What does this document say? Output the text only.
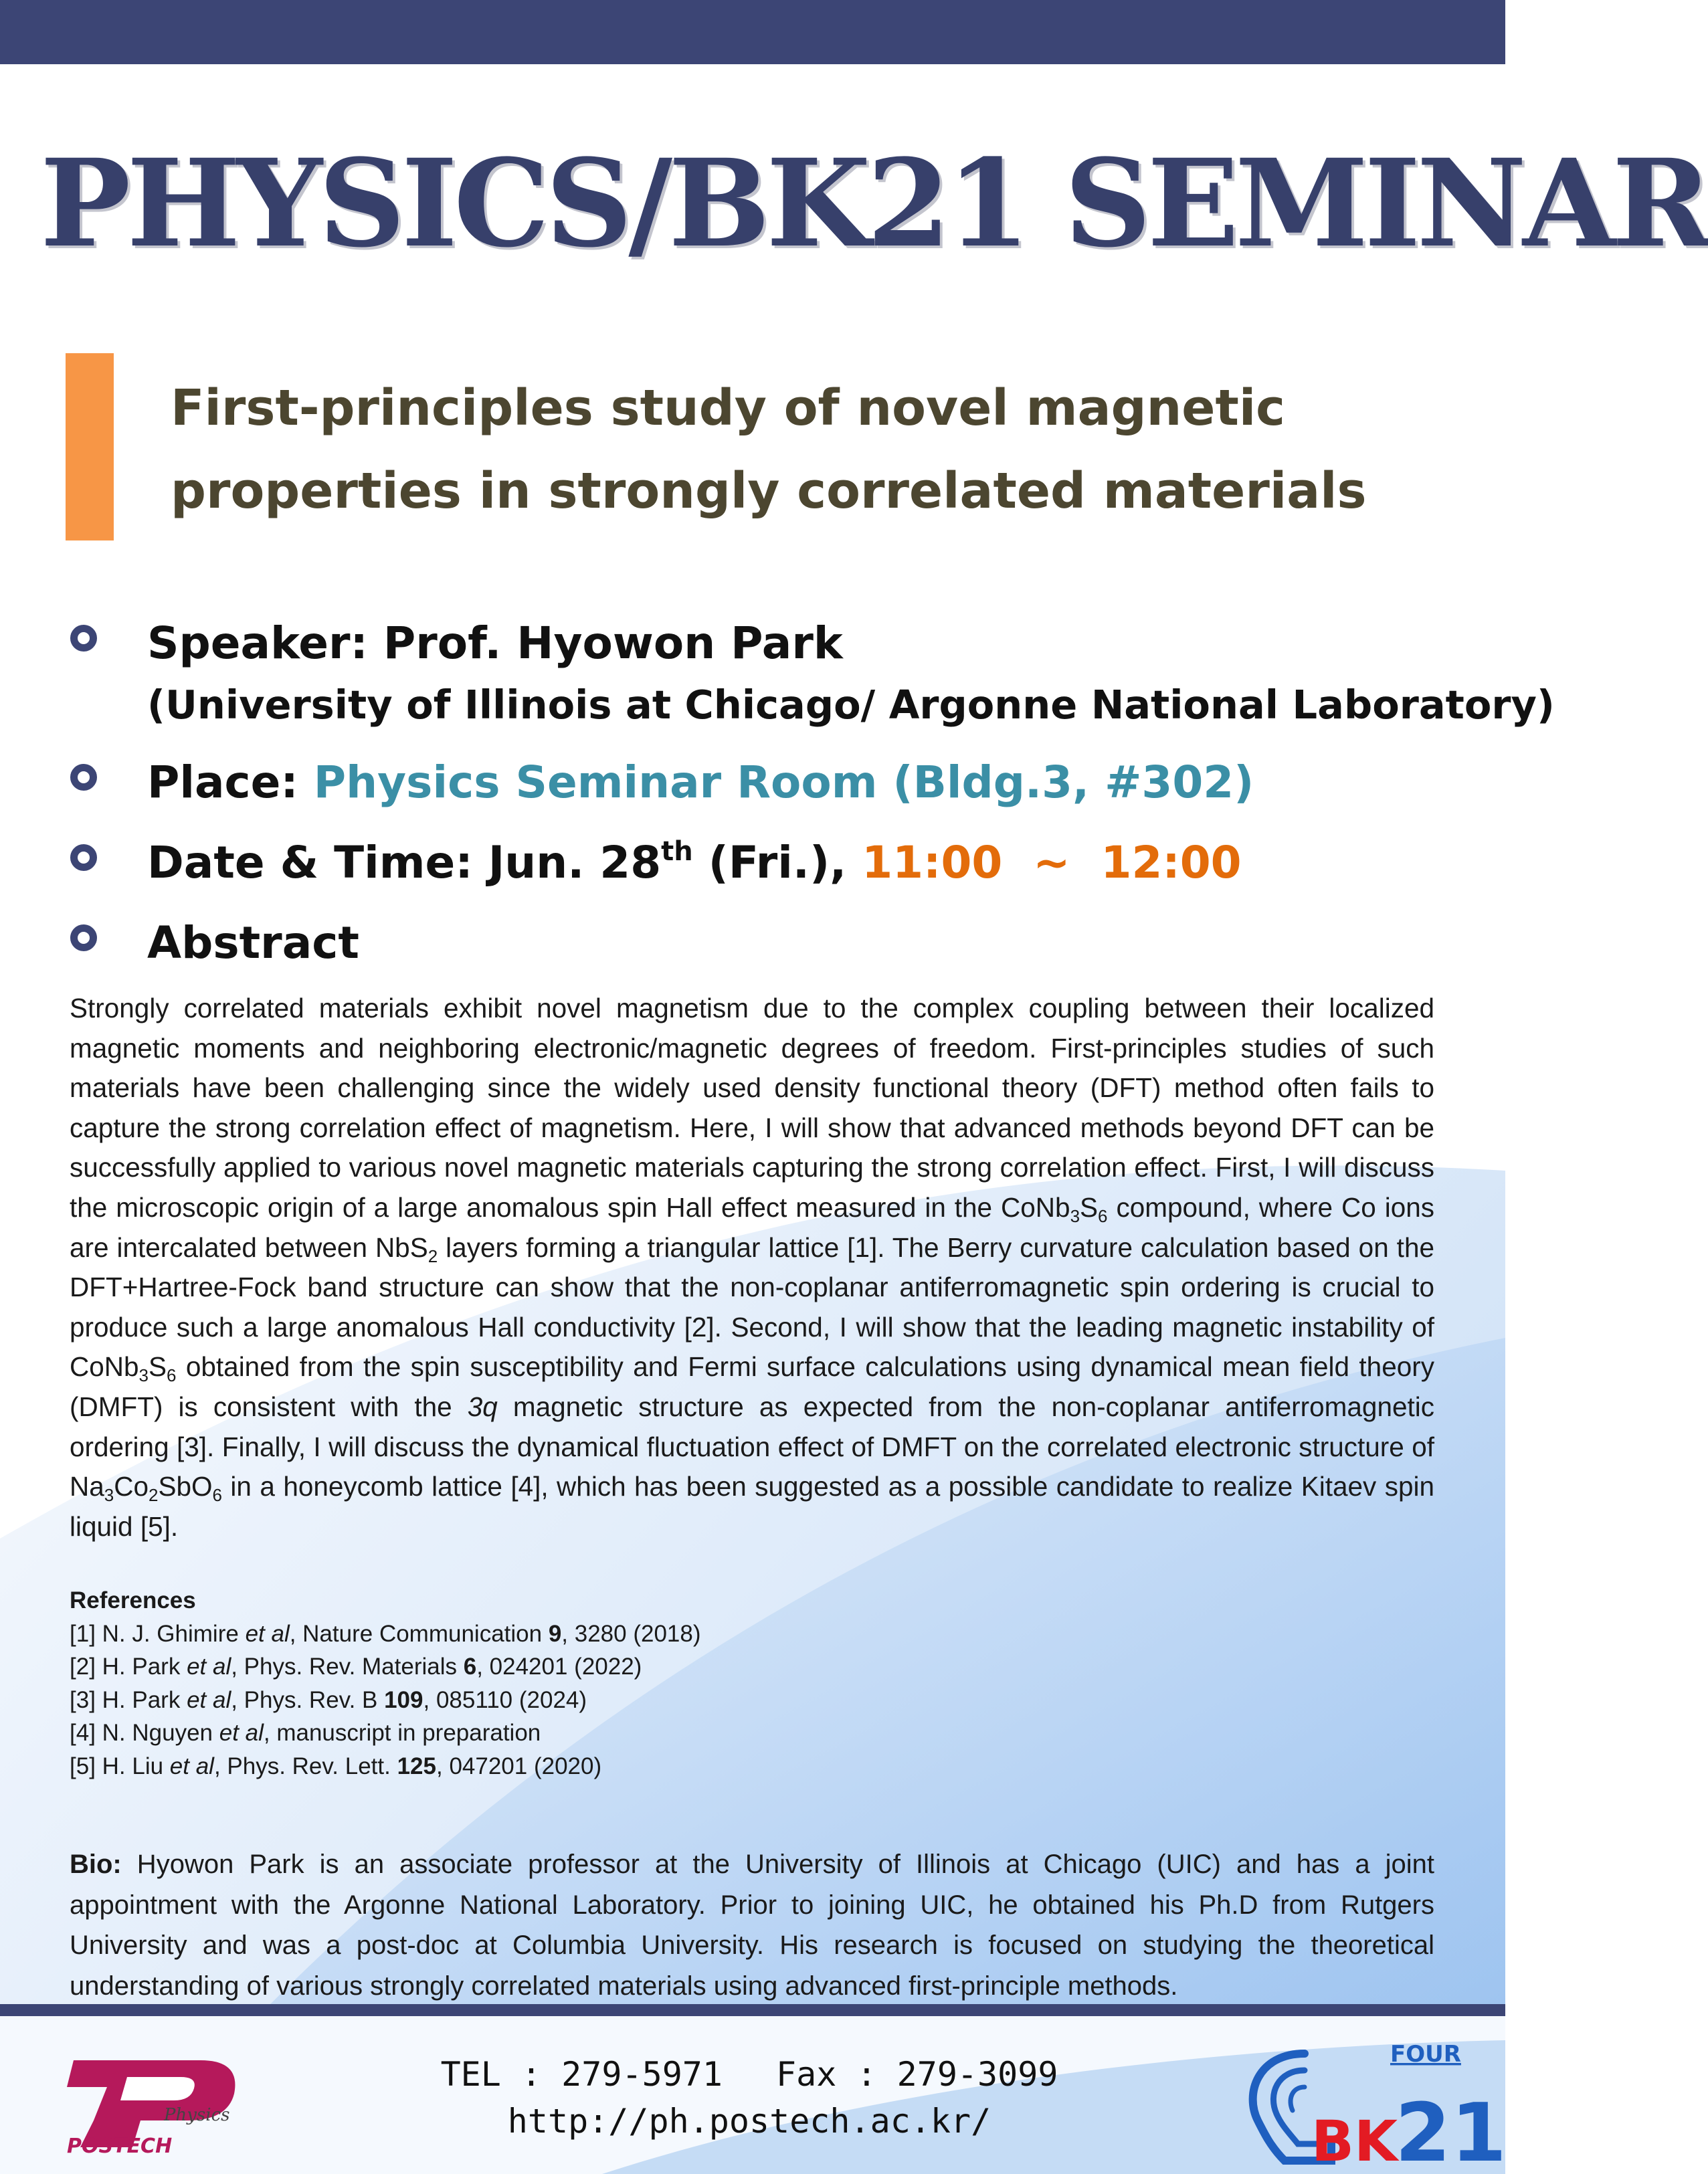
PHYSICS/BK21 SEMINAR
First-principles study of novel magnetic
properties in strongly correlated materials
Speaker: Prof. Hyowon Park
(University of Illinois at Chicago/ Argonne National Laboratory)
Place: Physics Seminar Room (Bldg.3, #302)
Date & Time: Jun. 28th (Fri.), 11:00  ~  12:00
Abstract
Strongly correlated materials exhibit novel magnetism due to the complex coupling between their localized magnetic moments and neighboring electronic/magnetic degrees of freedom. First-principles studies of such materials have been challenging since the widely used density functional theory (DFT) method often fails to capture the strong correlation effect of magnetism. Here, I will show that advanced methods beyond DFT can be successfully applied to various novel magnetic materials capturing the strong correlation effect. First, I will discuss the microscopic origin of a large anomalous spin Hall effect measured in the $CoNb_3S_6$ compound, where Co ions are intercalated between NbS$_2$ layers forming a triangular lattice [1]. The Berry curvature calculation based on the DFT+Hartree-Fock band structure can show that the non-coplanar antiferromagnetic spin ordering is crucial to produce such a large anomalous Hall conductivity [2]. Second, I will show that the leading magnetic instability of $CoNb_3S_6$ obtained from the spin susceptibility and Fermi surface calculations using dynamical mean field theory (DMFT) is consistent with the 3q magnetic structure as expected from the non-coplanar antiferromagnetic ordering [3]. Finally, I will discuss the dynamical fluctuation effect of DMFT on the correlated electronic structure of $Na_3Co_2SbO_6$ in a honeycomb lattice [4], which has been suggested as a possible candidate to realize Kitaev spin liquid [5].
References
[1] N. J. Ghimire et al, Nature Communication 9, 3280 (2018)
[2] H. Park et al, Phys. Rev. Materials 6, 024201 (2022)
[3] H. Park et al, Phys. Rev. B 109, 085110 (2024)
[4] N. Nguyen et al, manuscript in preparation
[5] H. Liu et al, Phys. Rev. Lett. 125, 047201 (2020)
Bio: Hyowon Park is an associate professor at the University of Illinois at Chicago (UIC) and has a joint appointment with the Argonne National Laboratory. Prior to joining UIC, he obtained his Ph.D from Rutgers University and was a post-doc at Columbia University. His research is focused on studying the theoretical understanding of various strongly correlated materials using advanced first-principle methods.
Physics
POSTECH
FOUR
BK
21
TEL : 279-5971 Fax : 279-3099
http://ph.postech.ac.kr/
